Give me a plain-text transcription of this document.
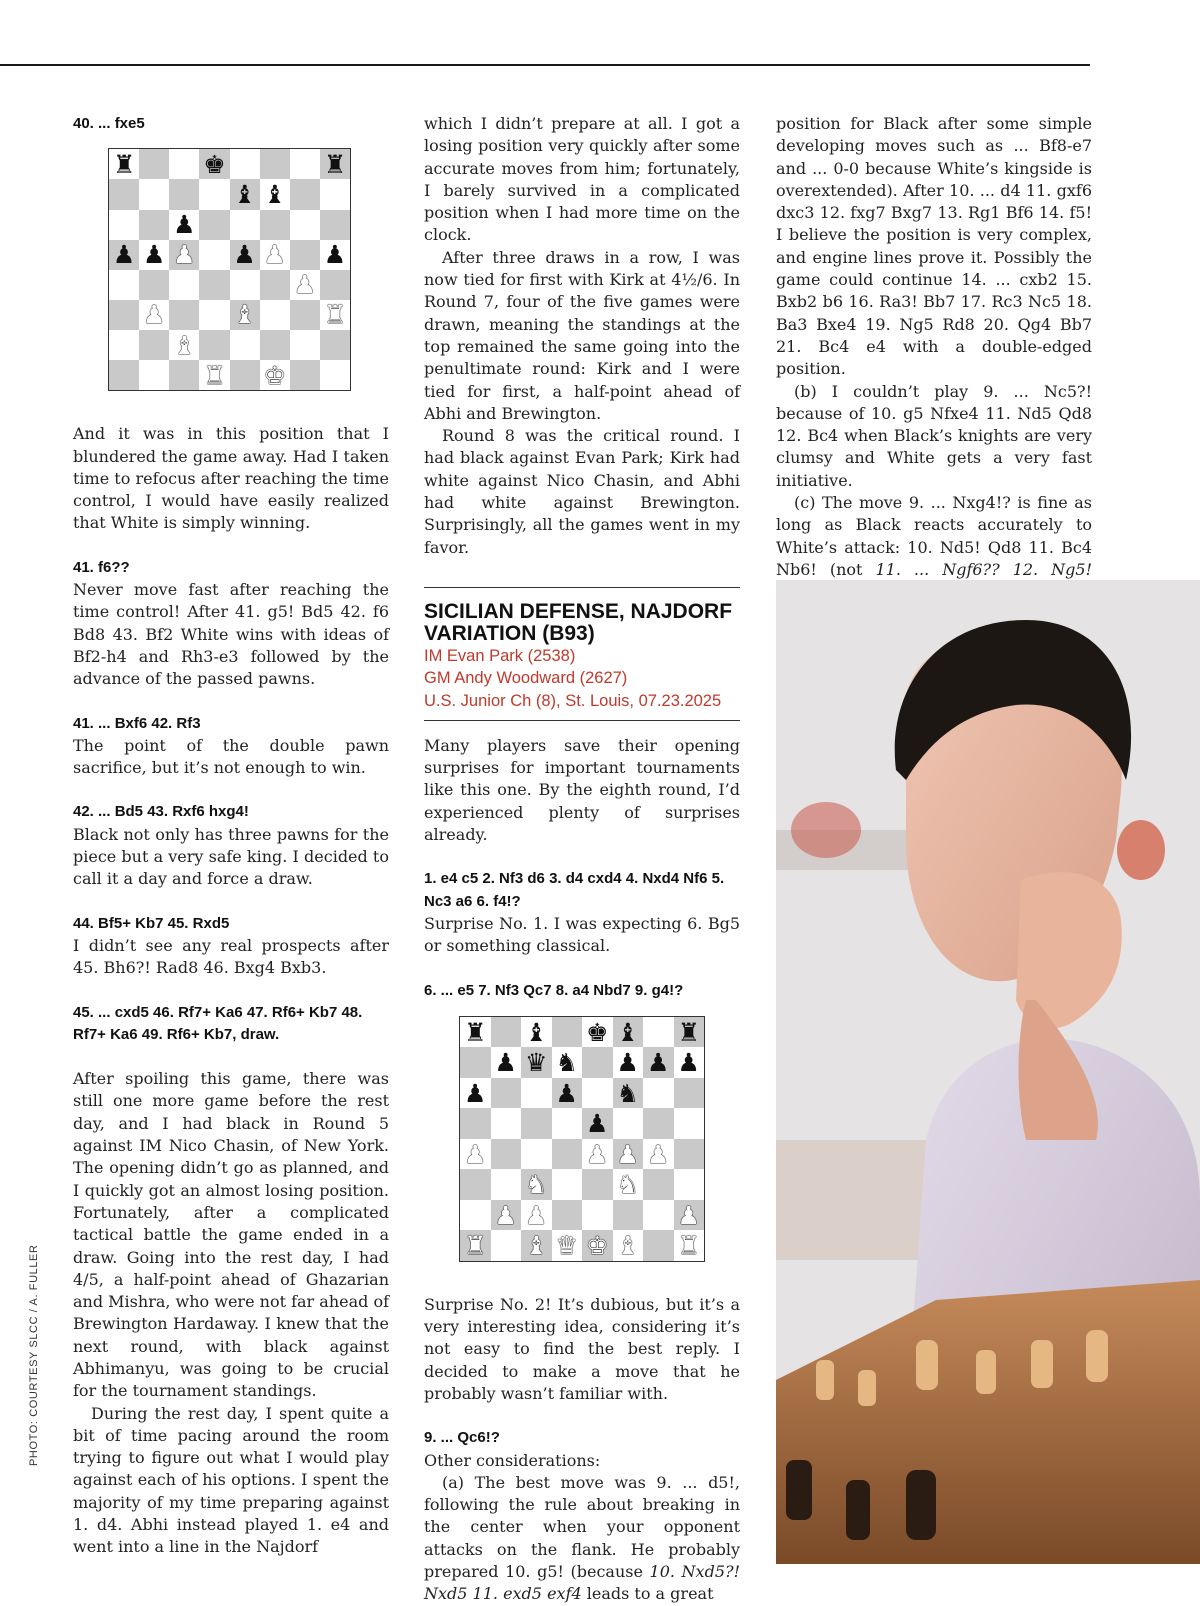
40. ... fxe5

♜	♚	♜
♝ ♝
♟
♟ ♟ ♟ ♟ ♟ ♟
♟
♟	♝	♜
♝
♜ ♚

And it was in this position that I blundered the game away. Had I taken time to refocus after reaching the time control, I would have easily realized that White is simply winning.

41. f6??

Never move fast after reaching the time control! After 41. g5! Bd5 42. f6 Bd8 43. Bf2 White wins with ideas of Bf2-h4 and Rh3-e3 followed by the advance of the passed pawns.

41. ... Bxf6 42. Rf3

The point of the double pawn sacrifice, but it’s not enough to win.

42. ... Bd5 43. Rxf6 hxg4!

Black not only has three pawns for the piece but a very safe king. I decided to call it a day and force a draw.

44. Bf5+ Kb7 45. Rxd5

I didn’t see any real prospects after 45. Bh6?! Rad8 46. Bxg4 Bxb3.

45. ... cxd5 46. Rf7+ Ka6 47. Rf6+ Kb7 48. Rf7+ Ka6 49. Rf6+ Kb7, draw.

After spoiling this game, there was still one more game before the rest day, and I had black in Round 5 against IM Nico Chasin, of New York. The opening didn’t go as planned, and I quickly got an almost losing position. Fortunately, after a complicated tactical battle the game ended in a draw. Going into the rest day, I had 4/5, a half-point ahead of Ghazarian and Mishra, who were not far ahead of Brewington Hardaway. I knew that the next round, with black against Abhimanyu, was going to be crucial for the tournament standings.

During the rest day, I spent quite a bit of time pacing around the room trying to figure out what I would play against each of his options. I spent the majority of my time preparing against 1. d4. Abhi instead played 1. e4 and went into a line in the Najdorf

which I didn’t prepare at all. I got a losing position very quickly after some accurate moves from him; fortunately, I barely survived in a complicated position when I had more time on the clock.

After three draws in a row, I was now tied for first with Kirk at 4½/6. In Round 7, four of the five games were drawn, meaning the standings at the top remained the same going into the penultimate round: Kirk and I were tied for first, a half-point ahead of Abhi and Brewington.

Round 8 was the critical round. I had black against Evan Park; Kirk had white against Nico Chasin, and Abhi had white against Brewington. Surprisingly, all the games went in my favor.

SICILIAN DEFENSE, NAJDORF VARIATION (B93)
IM Evan Park (2538)
GM Andy Woodward (2627)
U.S. Junior Ch (8), St. Louis, 07.23.2025

Many players save their opening surprises for important tournaments like this one. By the eighth round, I’d experienced plenty of surprises already.

1. e4 c5 2. Nf3 d6 3. d4 cxd4 4. Nxd4 Nf6 5. Nc3 a6 6. f4!?

Surprise No. 1. I was expecting 6. Bg5 or something classical.

6. ... e5 7. Nf3 Qc7 8. a4 Nbd7 9. g4!?

♜ ♝ ♚ ♝ ♜
♟ ♛ ♞ ♟ ♟ ♟
♟	♟ ♞
♟
♟	♟ ♟ ♟
♞	♞
♟ ♟	♟
♜ ♝ ♛ ♚ ♝ ♜

Surprise No. 2! It’s dubious, but it’s a very interesting idea, considering it’s not easy to find the best reply. I decided to make a move that he probably wasn’t familiar with.

9. ... Qc6!?

Other considerations:

(a) The best move was 9. ... d5!, following the rule about breaking in the center when your opponent attacks on the flank. He probably prepared 10. g5! (because 10. Nxd5?! Nxd5 11. exd5 exf4 leads to a great

position for Black after some simple developing moves such as ... Bf8-e7 and ... 0-0 because White’s kingside is overextended). After 10. ... d4 11. gxf6 dxc3 12. fxg7 Bxg7 13. Rg1 Bf6 14. f5! I believe the position is very complex, and engine lines prove it. Possibly the game could continue 14. ... cxb2 15. Bxb2 b6 16. Ra3! Bb7 17. Rc3 Nc5 18. Ba3 Bxe4 19. Ng5 Rd8 20. Qg4 Bb7 21. Bc4 e4 with a double-edged position.

(b) I couldn’t play 9. ... Nc5?! because of 10. g5 Nfxe4 11. Nd5 Qd8 12. Bc4 when Black’s knights are very clumsy and White gets a very fast initiative.

(c) The move 9. ... Nxg4!? is fine as long as Black reacts accurately to White’s attack: 10. Nd5! Qd8 11. Bc4 Nb6! (not 11. ... Ngf6?? 12. Ng5!

PHOTO: COURTESY SLCC / A. FULLER
